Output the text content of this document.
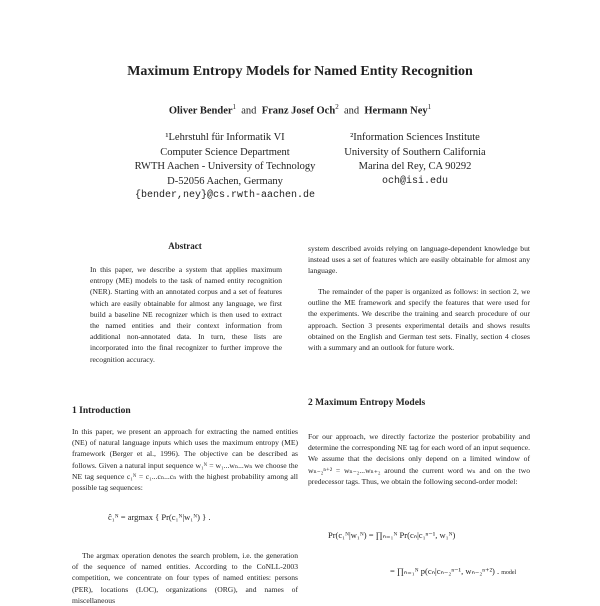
Maximum Entropy Models for Named Entity Recognition
Oliver Bender$^1$ and Franz Josef Och$^2$ and Hermann Ney$^1$
¹Lehrstuhl für Informatik VI
Computer Science Department
RWTH Aachen - University of Technology
D-52056 Aachen, Germany
{bender,ney}@cs.rwth-aachen.de
²Information Sciences Institute
University of Southern California
Marina del Rey, CA 90292
och@isi.edu
Abstract

In this paper, we describe a system that applies maximum entropy (ME) models to the task of named entity recognition (NER). Starting with an annotated corpus and a set of features which are easily obtainable for almost any language, we first build a baseline NE recognizer which is then used to extract the named entities and their context information from additional non-annotated data. In turn, these lists are incorporated into the final recognizer to further improve the recognition accuracy.

1 Introduction

In this paper, we present an approach for extracting the named entities (NE) of natural language inputs which uses the maximum entropy (ME) framework (Berger et al., 1996). The objective can be described as follows. Given a natural input sequence w₁ᴺ = w₁...wₙ...wₙ we choose the NE tag sequence c₁ᴺ = c₁...cₙ...cₙ with the highest probability among all possible tag sequences:

ĉ₁ᴺ = argmax { Pr(c₁ᴺ|w₁ᴺ) } .

The argmax operation denotes the search problem, i.e. the generation of the sequence of named entities. According to the CoNLL-2003 competition, we concentrate on four types of named entities: persons (PER), locations (LOC), organizations (ORG), and names of miscellaneous

system described avoids relying on language-dependent knowledge but instead uses a set of features which are easily obtainable for almost any language.

The remainder of the paper is organized as follows: in section 2, we outline the ME framework and specify the features that were used for the experiments. We describe the training and search procedure of our approach. Section 3 presents experimental details and shows results obtained on the English and German test sets. Finally, section 4 closes with a summary and an outlook for future work.

2 Maximum Entropy Models

For our approach, we directly factorize the posterior probability and determine the corresponding NE tag for each word of an input sequence. We assume that the decisions only depend on a limited window of wₙ₋₂ⁿ⁺² = wₙ₋₂...wₙ₊₂ around the current word wₙ and on the two predecessor tags. Thus, we obtain the following second-order model:

Pr(c₁ᴺ|w₁ᴺ) = ∏ₙ₌₁ᴺ Pr(cₙ|c₁ⁿ⁻¹, w₁ᴺ)
= ∏ₙ₌₁ᴺ p(cₙ|cₙ₋₂ⁿ⁻¹, wₙ₋₂ⁿ⁺²) . model
